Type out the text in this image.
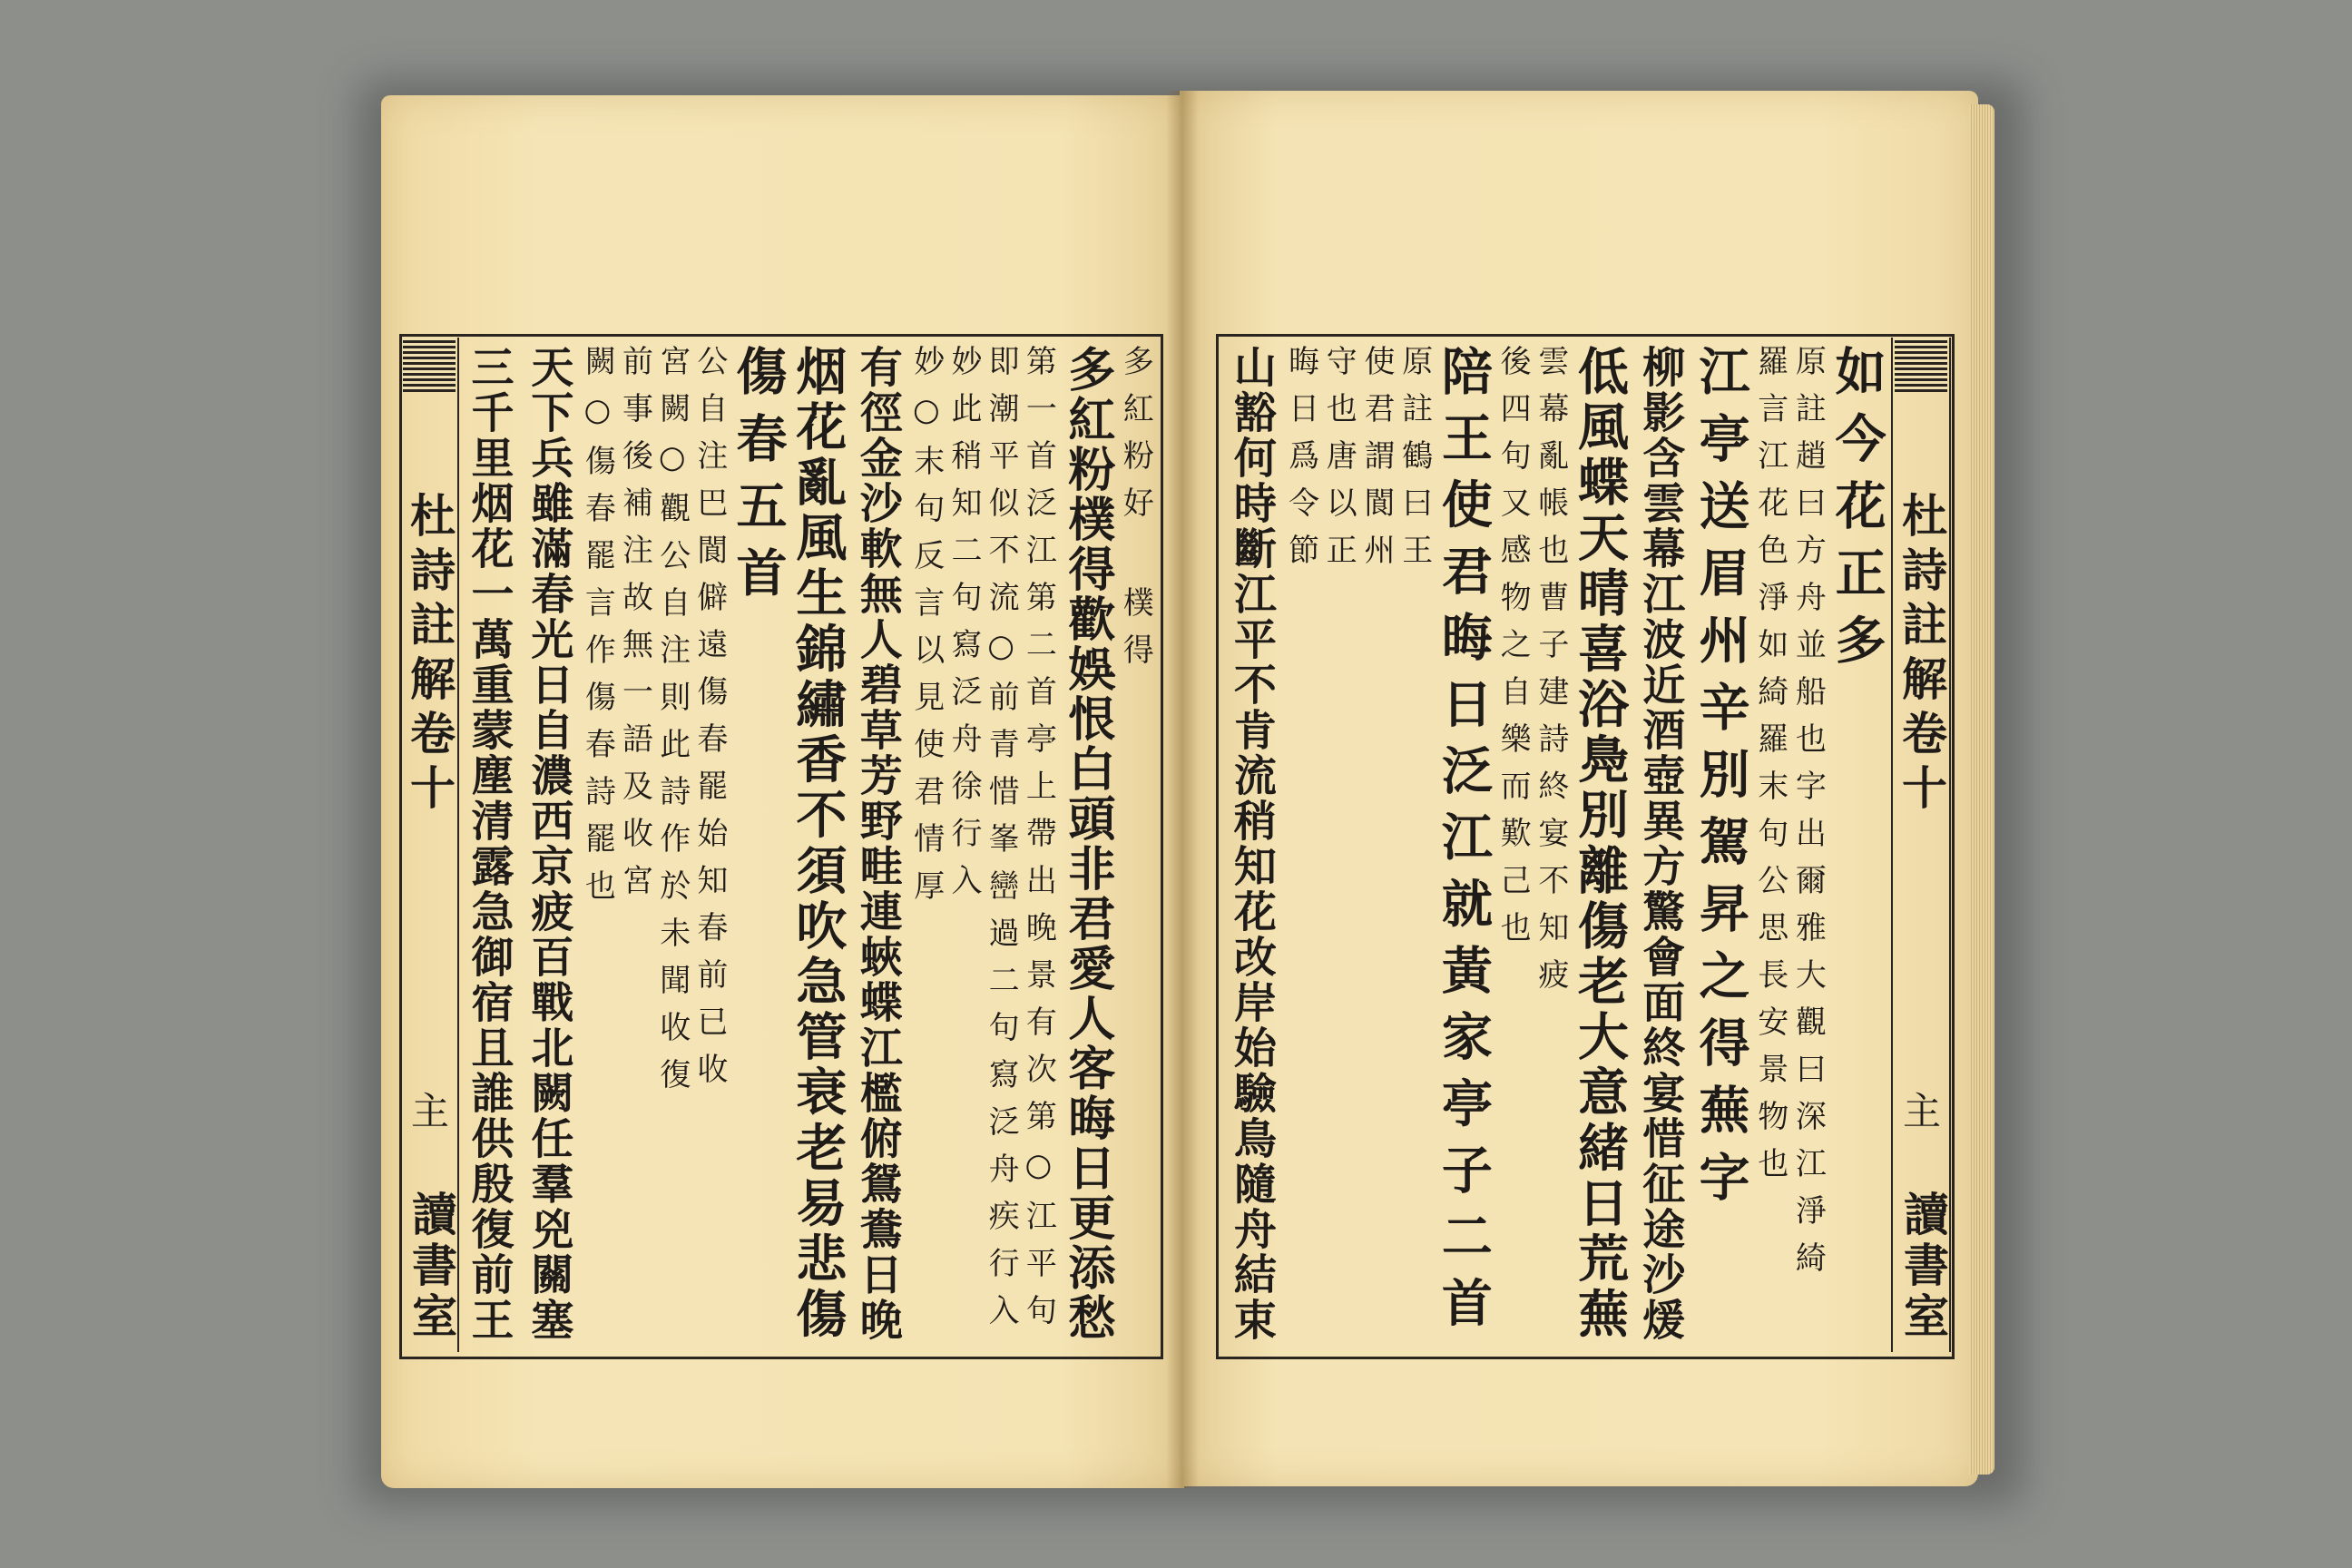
杜詩註解卷十
主
讀書室
杜詩註解卷十
主
讀書室
多紅粉好 樸得
多紅粉樸得歡娛恨白頭非君愛人客晦日更添愁
第一首泛江第二首亭上帶出晚景有次第○江平句
即潮平似不流○前青惜峯巒過二句寫泛舟疾行入
妙此稍知二句寫泛舟徐行入
妙○末句反言以見使君情厚
有徑金沙軟無人碧草芳野畦連蛺蝶江檻俯鴛鴦日晚
烟花亂風生錦繡香不須吹急管衰老易悲傷
傷春五首
公自注巴閬僻遠傷春罷始知春前已收
宮闕○觀公自注則此詩作於未聞收復
前事後補注故無一語及收宮
闕○傷春罷言作傷春詩罷也
天下兵雖滿春光日自濃西京疲百戰北闕任羣兇關塞
三千里烟花一萬重蒙塵清露急御宿且誰供殷復前王	如今花正多
原註趙曰方舟並船也字出爾雅大觀曰深江淨綺
羅言江花色淨如綺羅末句公思長安景物也
江亭送眉州辛別駕昇之得蕪字
柳影含雲幕江波近酒壺異方驚會面終宴惜征途沙煖
低風蝶天晴喜浴鳧別離傷老大意緒日荒蕪
雲幕亂帳也曹子建詩終宴不知疲
後四句又感物之自樂而歎己也
陪王使君晦日泛江就黃家亭子二首
原註鶴曰王
使君謂閬州
守也唐以正
晦日爲令節
山豁何時斷江平不肯流稍知花改岸始驗鳥隨舟結束
